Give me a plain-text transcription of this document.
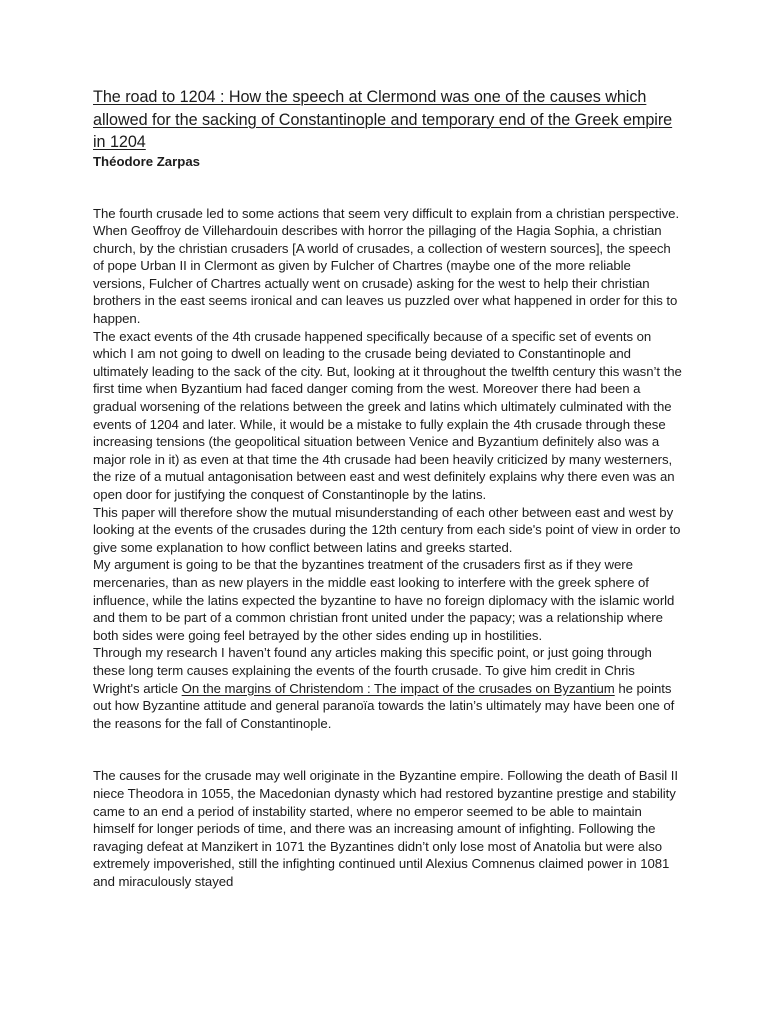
The road to 1204 : How the speech at Clermond was one of the causes which allowed for the sacking of Constantinople and temporary end of the Greek empire in 1204

Théodore Zarpas

The fourth crusade led to some actions that seem very difficult to explain from a christian perspective. When Geoffroy de Villehardouin describes with horror the pillaging of the Hagia Sophia, a christian church, by the christian crusaders [A world of crusades, a collection of western sources], the speech of pope Urban II in Clermont as given by Fulcher of Chartres (maybe one of the more reliable versions, Fulcher of Chartres actually went on crusade) asking for the west to help their christian brothers in the east seems ironical and can leaves us puzzled over what happened in order for this to happen.

The exact events of the 4th crusade happened specifically because of a specific set of events on which I am not going to dwell on leading to the crusade being deviated to Constantinople and ultimately leading to the sack of the city. But, looking at it throughout the twelfth century this wasn’t the first time when Byzantium had faced danger coming from the west. Moreover there had been a gradual worsening of the relations between the greek and latins which ultimately culminated with the events of 1204 and later. While, it would be a mistake to fully explain the 4th crusade through these increasing tensions (the geopolitical situation between Venice and Byzantium definitely also was a major role in it) as even at that time the 4th crusade had been heavily criticized by many westerners, the rize of a mutual antagonisation between east and west definitely explains why there even was an open door for justifying the conquest of Constantinople by the latins.

This paper will therefore show the mutual misunderstanding of each other between east and west by looking at the events of the crusades during the 12th century from each side's point of view in order to give some explanation to how conflict between latins and greeks started.

My argument is going to be that the byzantines treatment of the crusaders first as if they were mercenaries, than as new players in the middle east looking to interfere with the greek sphere of influence, while the latins expected the byzantine to have no foreign diplomacy with the islamic world and them to be part of a common christian front united under the papacy; was a relationship where both sides were going feel betrayed by the other sides ending up in hostilities.

Through my research I haven’t found any articles making this specific point, or just going through these long term causes explaining the events of the fourth crusade. To give him credit in Chris Wright's article On the margins of Christendom : The impact of the crusades on Byzantium he points out how Byzantine attitude and general paranoïa towards the latin’s ultimately may have been one of the reasons for the fall of Constantinople.

The causes for the crusade may well originate in the Byzantine empire. Following the death of Basil II niece Theodora in 1055, the Macedonian dynasty which had restored byzantine prestige and stability came to an end a period of instability started, where no emperor seemed to be able to maintain himself for longer periods of time, and there was an increasing amount of infighting. Following the ravaging defeat at Manzikert in 1071 the Byzantines didn’t only lose most of Anatolia but were also extremely impoverished, still the infighting continued until Alexius Comnenus claimed power in 1081 and miraculously stayed
